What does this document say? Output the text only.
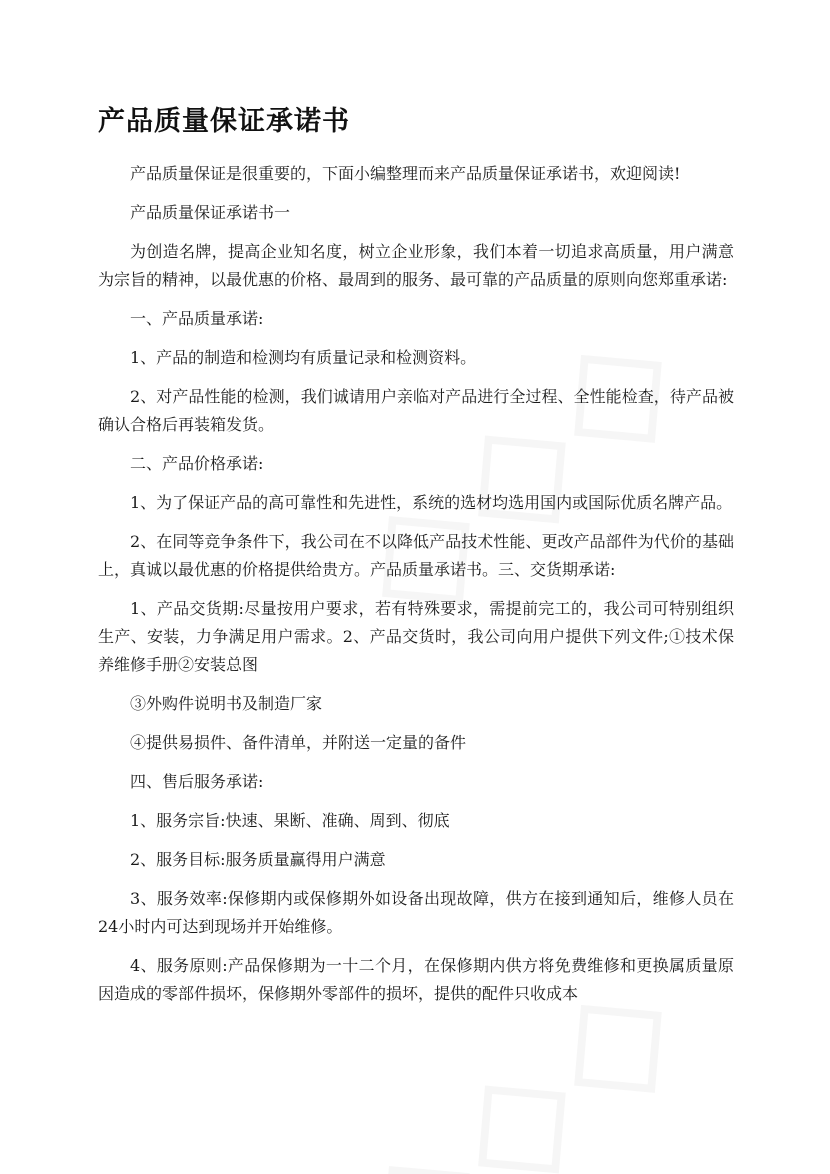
产品质量保证承诺书

产品质量保证是很重要的，下面小编整理而来产品质量保证承诺书，欢迎阅读!

产品质量保证承诺书一

为创造名牌，提高企业知名度，树立企业形象，我们本着一切追求高质量，用户满意为宗旨的精神，以最优惠的价格、最周到的服务、最可靠的产品质量的原则向您郑重承诺:

一、产品质量承诺:

1、产品的制造和检测均有质量记录和检测资料。

2、对产品性能的检测，我们诚请用户亲临对产品进行全过程、全性能检查，待产品被确认合格后再装箱发货。

二、产品价格承诺:

1、为了保证产品的高可靠性和先进性，系统的选材均选用国内或国际优质名牌产品。

2、在同等竞争条件下，我公司在不以降低产品技术性能、更改产品部件为代价的基础上，真诚以最优惠的价格提供给贵方。产品质量承诺书。三、交货期承诺:

1、产品交货期:尽量按用户要求，若有特殊要求，需提前完工的，我公司可特别组织生产、安装，力争满足用户需求。2、产品交货时，我公司向用户提供下列文件;①技术保养维修手册②安装总图

③外购件说明书及制造厂家

④提供易损件、备件清单，并附送一定量的备件

四、售后服务承诺:

1、服务宗旨:快速、果断、准确、周到、彻底

2、服务目标:服务质量赢得用户满意

3、服务效率:保修期内或保修期外如设备出现故障，供方在接到通知后，维修人员在24小时内可达到现场并开始维修。

4、服务原则:产品保修期为一十二个月，在保修期内供方将免费维修和更换属质量原因造成的零部件损坏，保修期外零部件的损坏，提供的配件只收成本
